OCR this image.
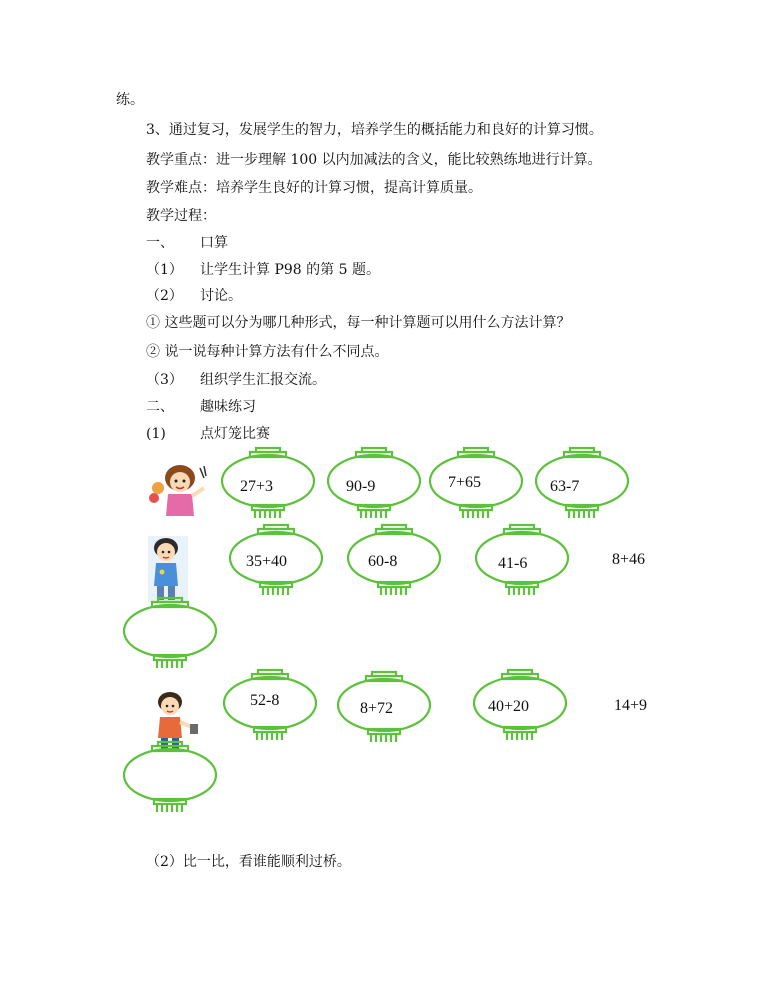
练。
3、通过复习，发展学生的智力，培养学生的概括能力和良好的计算习惯。
教学重点：进一步理解 100 以内加减法的含义，能比较熟练地进行计算。
教学难点：培养学生良好的计算习惯，提高计算质量。
教学过程：
一、 口算
（1） 让学生计算 P98 的第 5 题。
（2） 讨论。
① 这些题可以分为哪几种形式，每一种计算题可以用什么方法计算？
② 说一说每种计算方法有什么不同点。
（3） 组织学生汇报交流。
二、 趣味练习
(1) 点灯笼比赛
27+3	90-9	7+65	63-7
35+40	60-8	41-6	8+46
52-8	8+72	40+20	14+9
（2）比一比，看谁能顺利过桥。
